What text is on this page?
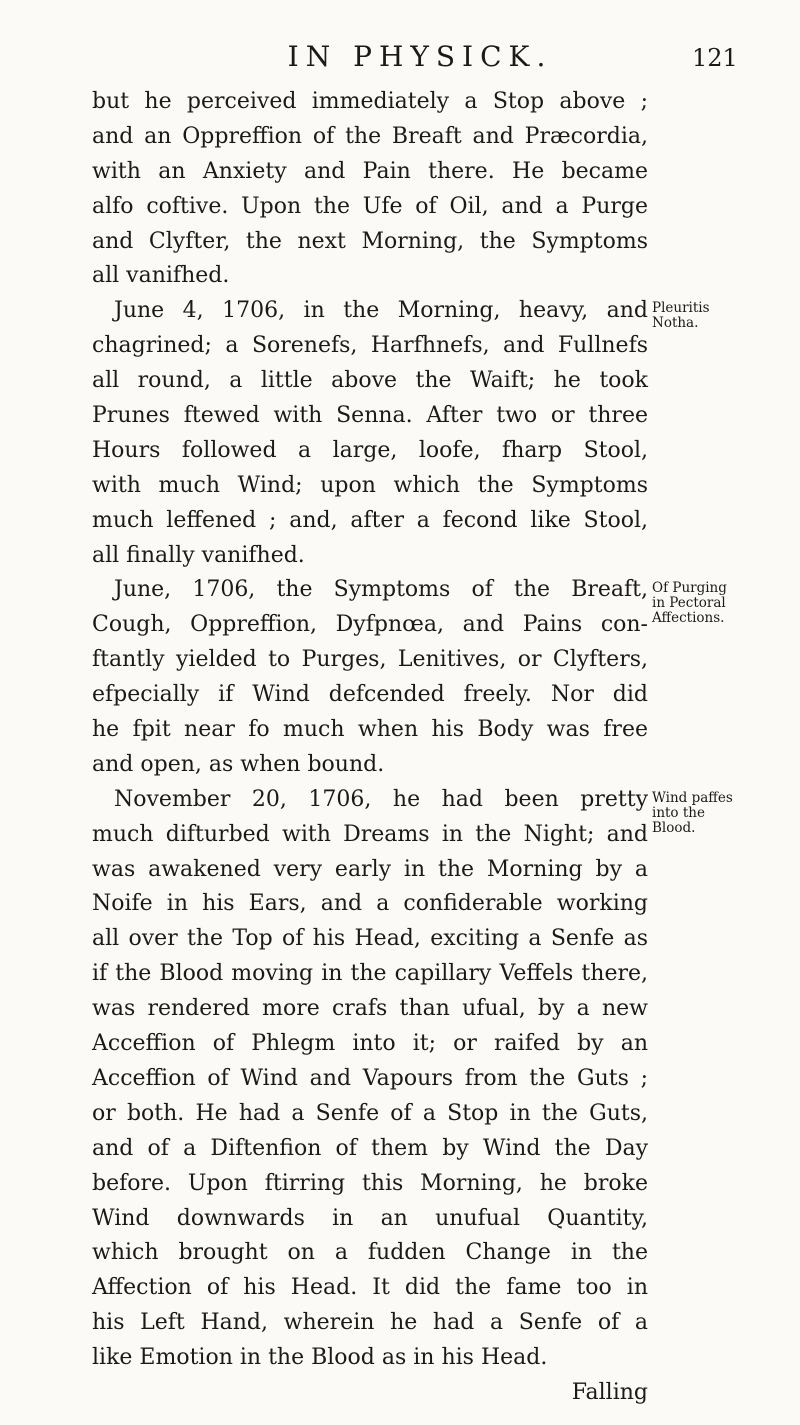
IN PHYSICK.	121
but he perceived immediately a Stop above ;
and an Oppreffion of the Breaft and Præcordia,
with an Anxiety and Pain there. He became
alfo coftive. Upon the Ufe of Oil, and a Purge
and Clyfter, the next Morning, the Symptoms
all vanifhed.
June 4, 1706, in the Morning, heavy, and
chagrined; a Sorenefs, Harfhnefs, and Fullnefs
all round, a little above the Waift; he took
Prunes ftewed with Senna. After two or three
Hours followed a large, loofe, fharp Stool,
with much Wind; upon which the Symptoms
much leffened ; and, after a fecond like Stool,
all finally vanifhed.
June, 1706, the Symptoms of the Breaft,
Cough, Oppreffion, Dyfpnœa, and Pains con-
ftantly yielded to Purges, Lenitives, or Clyfters,
efpecially if Wind defcended freely. Nor did
he fpit near fo much when his Body was free
and open, as when bound.
November 20, 1706, he had been pretty
much difturbed with Dreams in the Night; and
was awakened very early in the Morning by a
Noife in his Ears, and a confiderable working
all over the Top of his Head, exciting a Senfe as
if the Blood moving in the capillary Veffels there,
was rendered more crafs than ufual, by a new
Acceffion of Phlegm into it; or raifed by an
Acceffion of Wind and Vapours from the Guts ;
or both. He had a Senfe of a Stop in the Guts,
and of a Diftenfion of them by Wind the Day
before. Upon ftirring this Morning, he broke
Wind downwards in an unufual Quantity,
which brought on a fudden Change in the
Affection of his Head. It did the fame too in
his Left Hand, wherein he had a Senfe of a
like Emotion in the Blood as in his Head.
Falling
Pleuritis
Notha.
Of Purging
in Pectoral
Affections.
Wind paffes
into the
Blood.
